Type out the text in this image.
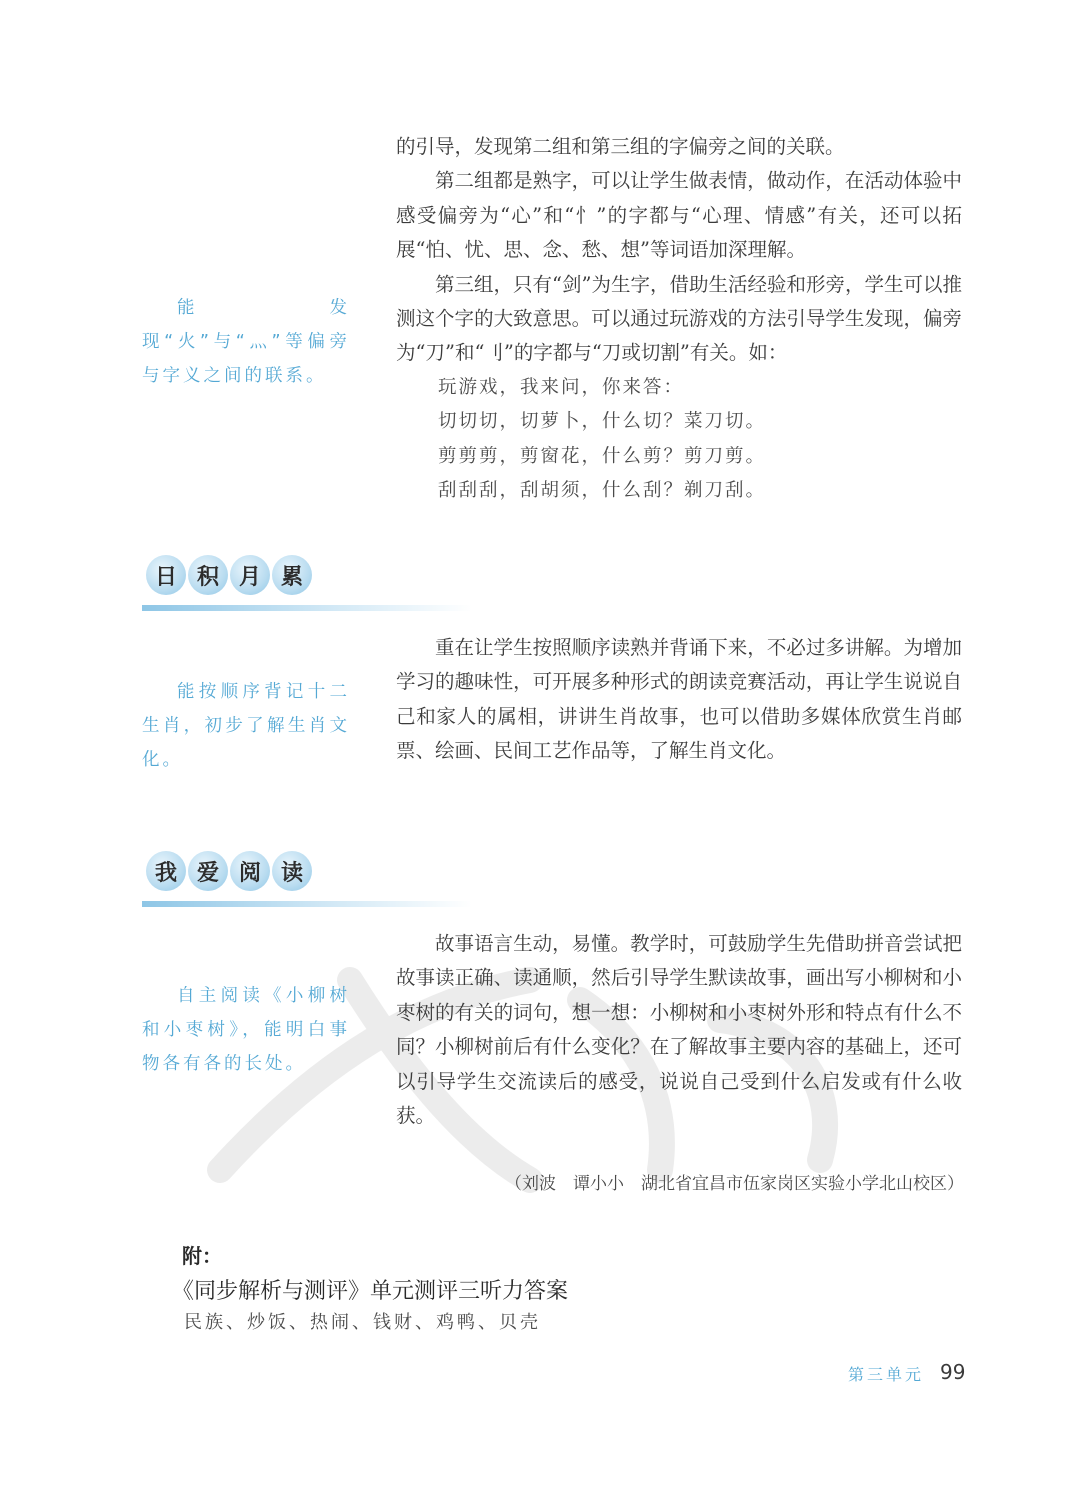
的引导，发现第二组和第三组的字偏旁之间的关联。

第二组都是熟字，可以让学生做表情，做动作，在活动体验中感受偏旁为“心”和“忄”的字都与“心理、情感”有关，还可以拓展“怕、忧、思、念、愁、想”等词语加深理解。

第三组，只有“剑”为生字，借助生活经验和形旁，学生可以推测这个字的大致意思。可以通过玩游戏的方法引导学生发现，偏旁为“刀”和“刂”的字都与“刀或切割”有关。如：

玩游戏，我来问，你来答：
切切切，切萝卜，什么切？菜刀切。
剪剪剪，剪窗花，什么剪？剪刀剪。
刮刮刮，刮胡须，什么刮？剃刀刮。
能发现“火”与“灬”等偏旁与字义之间的联系。
日 积 月 累

重在让学生按照顺序读熟并背诵下来，不必过多讲解。为增加学习的趣味性，可开展多种形式的朗读竞赛活动，再让学生说说自己和家人的属相，讲讲生肖故事，也可以借助多媒体欣赏生肖邮票、绘画、民间工艺作品等，了解生肖文化。

能按顺序背记十二生肖，初步了解生肖文化。
我 爱 阅 读

故事语言生动，易懂。教学时，可鼓励学生先借助拼音尝试把故事读正确、读通顺，然后引导学生默读故事，画出写小柳树和小枣树的有关的词句，想一想：小柳树和小枣树外形和特点有什么不同？小柳树前后有什么变化？在了解故事主要内容的基础上，还可以引导学生交流读后的感受，说说自己受到什么启发或有什么收获。

自主阅读《小柳树和小枣树》，能明白事物各有各的长处。
（刘波　谭小小　湖北省宜昌市伍家岗区实验小学北山校区）
附：
《同步解析与测评》单元测评三听力答案
民族、炒饭、热闹、钱财、鸡鸭、贝壳
第三单元 99
